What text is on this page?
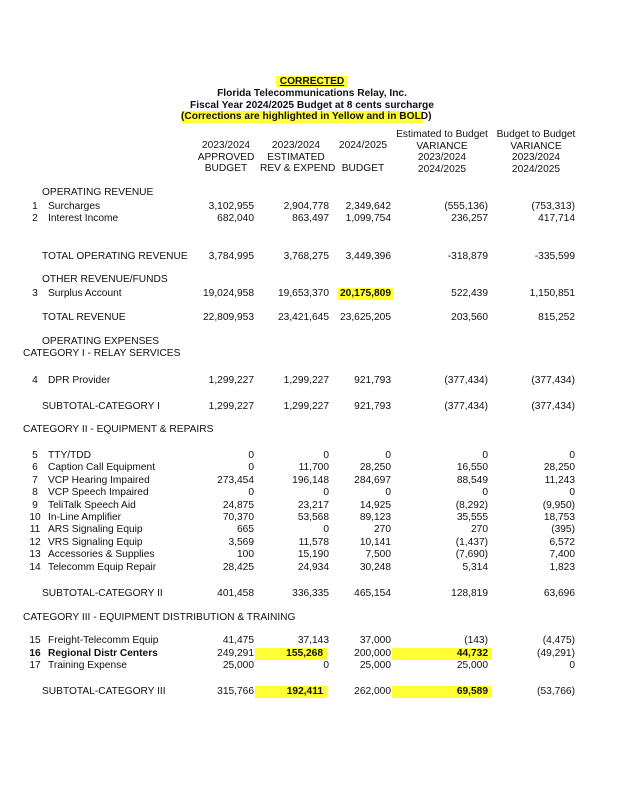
CORRECTED
Florida Telecommunications Relay, Inc.
Fiscal Year 2024/2025 Budget at 8 cents surcharge
(Corrections are highlighted in Yellow and in BOLD)
2023/2024
APPROVED
BUDGET
2023/2024
ESTIMATED
REV & EXPEND
2024/2025

BUDGET
Estimated to Budget
VARIANCE
2023/2024
2024/2025
Budget to Budget
VARIANCE
2023/2024
2024/2025
OPERATING REVENUE
1 Surcharges	3,102,955	2,904,778 2,349,642	(555,136)	(753,313)
2 Interest Income	682,040	863,497 1,099,754	236,257	417,714
TOTAL OPERATING REVENUE 3,784,995	3,768,275 3,449,396	-318,879	-335,599
OTHER REVENUE/FUNDS
3 Surplus Account	19,024,958 19,653,370 20,175,809	522,439	1,150,851
TOTAL REVENUE	22,809,953 23,421,645 23,625,205	203,560	815,252
OPERATING EXPENSES
CATEGORY I - RELAY SERVICES
4 DPR Provider	1,299,227	1,299,227 921,793	(377,434)	(377,434)
SUBTOTAL-CATEGORY I	1,299,227	1,299,227 921,793	(377,434)	(377,434)
CATEGORY II - EQUIPMENT & REPAIRS
5 TTY/TDD	0	0	0	0	0
6 Caption Call Equipment	0	11,700	28,250	16,550	28,250
7 VCP Hearing Impaired	273,454	196,148 284,697	88,549	11,243
8 VCP Speech Impaired	0	0	0	0	0
9 TeliTalk Speech Aid	24,875	23,217	14,925	(8,292)	(9,950)
10 In-Line Amplifier	70,370	53,568	89,123	35,555	18,753
11 ARS Signaling Equip	665	0	270	270	(395)
12 VRS Signaling Equip	3,569	11,578	10,141	(1,437)	6,572
13 Accessories & Supplies	100	15,190	7,500	(7,690)	7,400
14 Telecomm Equip Repair	28,425	24,934	30,248	5,314	1,823
SUBTOTAL-CATEGORY II	401,458	336,335 465,154	128,819	63,696
CATEGORY III - EQUIPMENT DISTRIBUTION & TRAINING
15 Freight-Telecomm Equip	41,475	37,143	37,000	(143)	(4,475)
16 Regional Distr Centers	249,291	155,268	200,000	44,732	(49,291)
17 Training Expense	25,000	0	25,000	25,000	0
SUBTOTAL-CATEGORY III	315,766	192,411	262,000	69,589	(53,766)
